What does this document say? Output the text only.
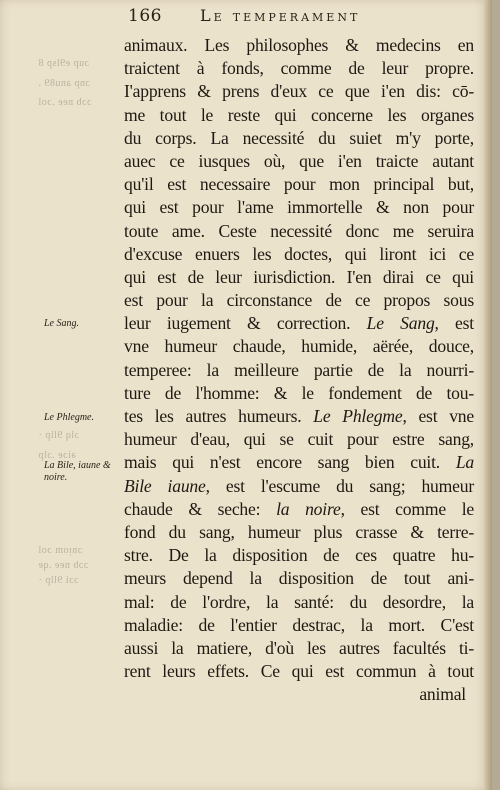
ɔup e9lsp 8
ɔnp anu89 .
ɔɔb nee .ɔol
ɔlq 9llp ·
əiɔe .ɔlp
ɔnᴉom ɔol
ɔɔb nee .qe
ɔɔi 9llp ·
166 Le temperament
Le Sang.
Le Phlegme.
La Bile, iaune & noire.
animaux. Les philosophes & medecins en
traictent à fonds, comme de leur propre.
I'apprens & prens d'eux ce que i'en dis: cō-
me tout le reste qui concerne les organes
du corps. La necessité du suiet m'y porte,
auec ce iusques où, que i'en traicte autant
qu'il est necessaire pour mon principal but,
qui est pour l'ame immortelle & non pour
toute ame. Ceste necessité donc me seruira
d'excuse enuers les doctes, qui liront ici ce
qui est de leur iurisdiction. I'en dirai ce qui
est pour la circonstance de ce propos sous
leur iugement & correction. Le Sang, est
vne humeur chaude, humide, aërée, douce,
temperee: la meilleure partie de la nourri-
ture de l'homme: & le fondement de tou-
tes les autres humeurs. Le Phlegme, est vne
humeur d'eau, qui se cuit pour estre sang,
mais qui n'est encore sang bien cuit. La
Bile iaune, est l'escume du sang; humeur
chaude & seche: la noire, est comme le
fond du sang, humeur plus crasse & terre-
stre. De la disposition de ces quatre hu-
meurs depend la disposition de tout ani-
mal: de l'ordre, la santé: du desordre, la
maladie: de l'entier destrac, la mort. C'est
aussi la matiere, d'où les autres facultés ti-
rent leurs effets. Ce qui est commun à tout
animal
